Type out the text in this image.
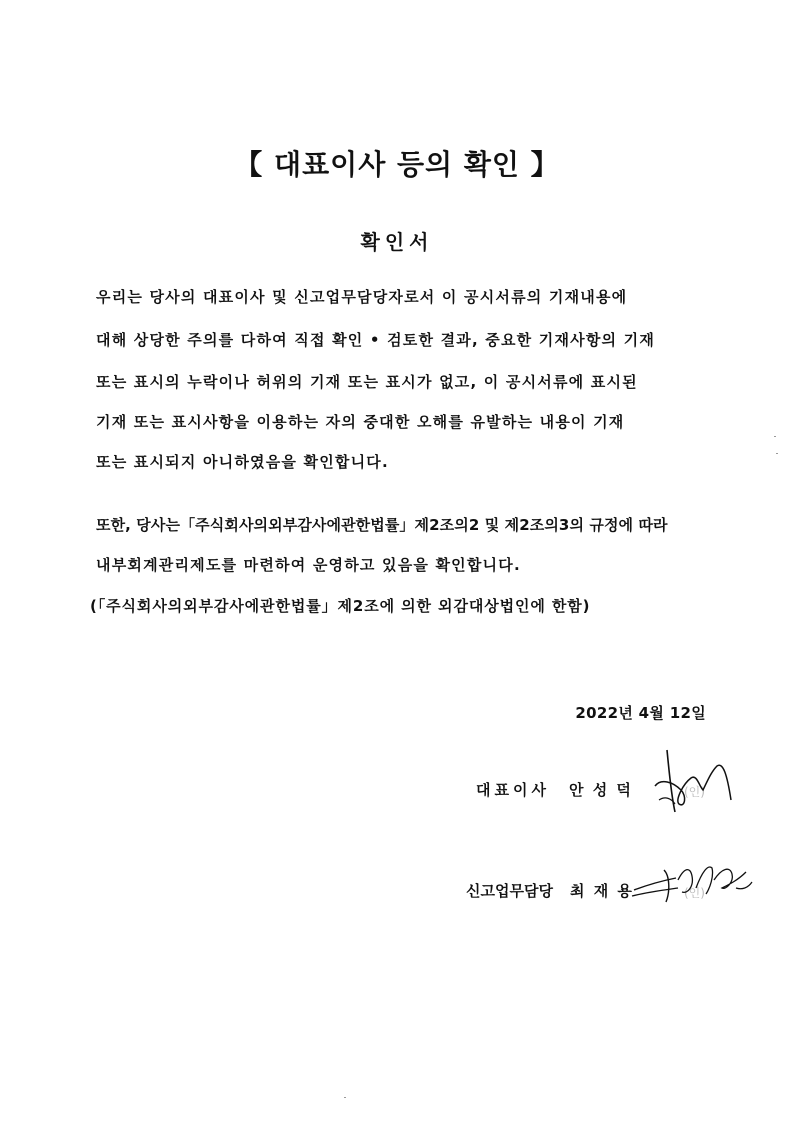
【 대표이사 등의 확인 】
확인서
우리는 당사의 대표이사 및 신고업무담당자로서 이 공시서류의 기재내용에
대해 상당한 주의를 다하여 직접 확인 • 검토한 결과, 중요한 기재사항의 기재
또는 표시의 누락이나 허위의 기재 또는 표시가 없고, 이 공시서류에 표시된
기재 또는 표시사항을 이용하는 자의 중대한 오해를 유발하는 내용이 기재
또는 표시되지 아니하였음을 확인합니다.
또한, 당사는「주식회사의외부감사에관한법률」제2조의2 및 제2조의3의 규정에 따라
내부회계관리제도를 마련하여 운영하고 있음을 확인합니다.
(「주식회사의외부감사에관한법률」제2조에 의한 외감대상법인에 한함)
2022년 4월 12일
대표이사 안 성 덕	(인)
신고업무담당 최 재 용	(인)
